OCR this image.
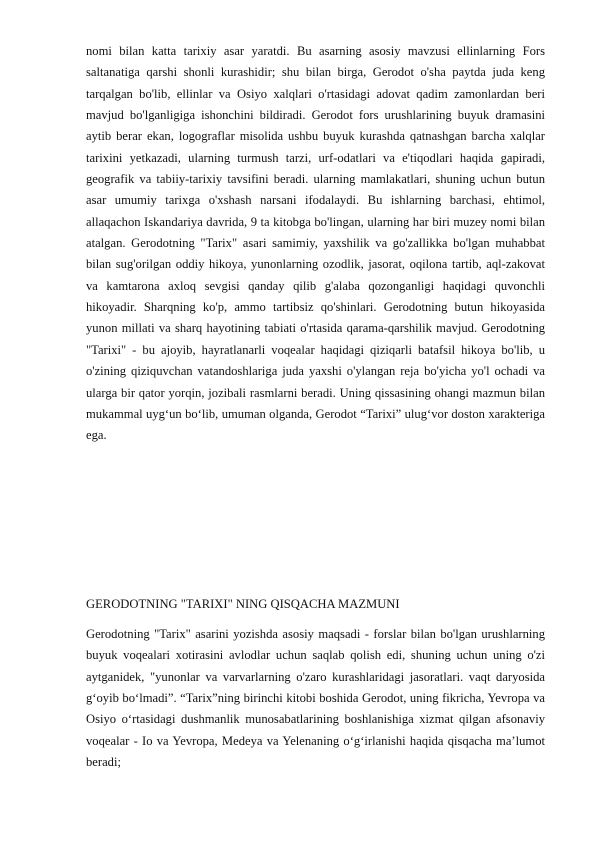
nomi bilan katta tarixiy asar yaratdi. Bu asarning asosiy mavzusi ellinlarning Fors saltanatiga qarshi shonli kurashidir; shu bilan birga, Gerodot o'sha paytda juda keng tarqalgan bo'lib, ellinlar va Osiyo xalqlari o'rtasidagi adovat qadim zamonlardan beri mavjud bo'lganligiga ishonchini bildiradi. Gerodot fors urushlarining buyuk dramasini aytib berar ekan, logograflar misolida ushbu buyuk kurashda qatnashgan barcha xalqlar tarixini yetkazadi, ularning turmush tarzi, urf-odatlari va e'tiqodlari haqida gapiradi, geografik va tabiiy-tarixiy tavsifini beradi. ularning mamlakatlari, shuning uchun butun asar umumiy tarixga o'xshash narsani ifodalaydi. Bu ishlarning barchasi, ehtimol, allaqachon Iskandariya davrida, 9 ta kitobga bo'lingan, ularning har biri muzey nomi bilan atalgan. Gerodotning "Tarix" asari samimiy, yaxshilik va go'zallikka bo'lgan muhabbat bilan sug'orilgan oddiy hikoya, yunonlarning ozodlik, jasorat, oqilona tartib, aql-zakovat va kamtarona axloq sevgisi qanday qilib g'alaba qozonganligi haqidagi quvonchli hikoyadir. Sharqning ko'p, ammo tartibsiz qo'shinlari. Gerodotning butun hikoyasida yunon millati va sharq hayotining tabiati o'rtasida qarama-qarshilik mavjud. Gerodotning "Tarixi" - bu ajoyib, hayratlanarli voqealar haqidagi qiziqarli batafsil hikoya bo'lib, u o'zining qiziquvchan vatandoshlariga juda yaxshi o'ylangan reja bo'yicha yo'l ochadi va ularga bir qator yorqin, jozibali rasmlarni beradi. Uning qissasining ohangi mazmun bilan mukammal uyg‘un bo‘lib, umuman olganda, Gerodot “Tarixi” ulug‘vor doston xarakteriga ega.

GERODOTNING "TARIXI" NING QISQACHA MAZMUNI

Gerodotning "Tarix" asarini yozishda asosiy maqsadi - forslar bilan bo'lgan urushlarning buyuk voqealari xotirasini avlodlar uchun saqlab qolish edi, shuning uchun uning o'zi aytganidek, "yunonlar va varvarlarning o'zaro kurashlaridagi jasoratlari. vaqt daryosida g‘oyib bo‘lmadi”. “Tarix”ning birinchi kitobi boshida Gerodot, uning fikricha, Yevropa va Osiyo o‘rtasidagi dushmanlik munosabatlarining boshlanishiga xizmat qilgan afsonaviy voqealar - Io va Yevropa, Medeya va Yelenaning o‘g‘irlanishi haqida qisqacha ma’lumot beradi;
